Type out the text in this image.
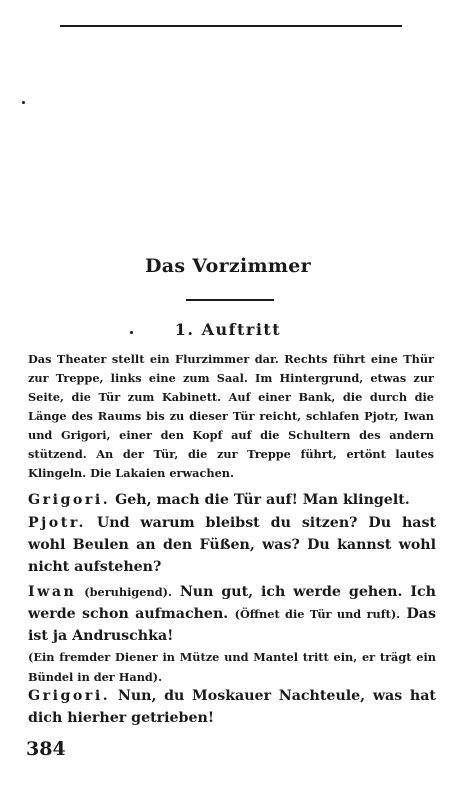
Das Vorzimmer
1. Auftritt
Das Theater stellt ein Flurzimmer dar. Rechts führt eine Thür zur Treppe, links eine zum Saal. Im Hintergrund, etwas zur Seite, die Tür zum Kabinett. Auf einer Bank, die durch die Länge des Raums bis zu dieser Tür reicht, schlafen Pjotr, Iwan und Grigori, einer den Kopf auf die Schultern des andern stützend. An der Tür, die zur Treppe führt, ertönt lautes Klingeln. Die Lakaien erwachen.
Grigori. Geh, mach die Tür auf! Man klingelt.
Pjotr. Und warum bleibst du sitzen? Du hast wohl Beulen an den Füßen, was? Du kannst wohl nicht aufstehen?
Iwan (beruhigend). Nun gut, ich werde gehen. Ich werde schon aufmachen. (Öffnet die Tür und ruft). Das ist ja Andruschka!
(Ein fremder Diener in Mütze und Mantel tritt ein, er trägt ein Bündel in der Hand).
Grigori. Nun, du Moskauer Nachteule, was hat dich hierher getrieben!
384
